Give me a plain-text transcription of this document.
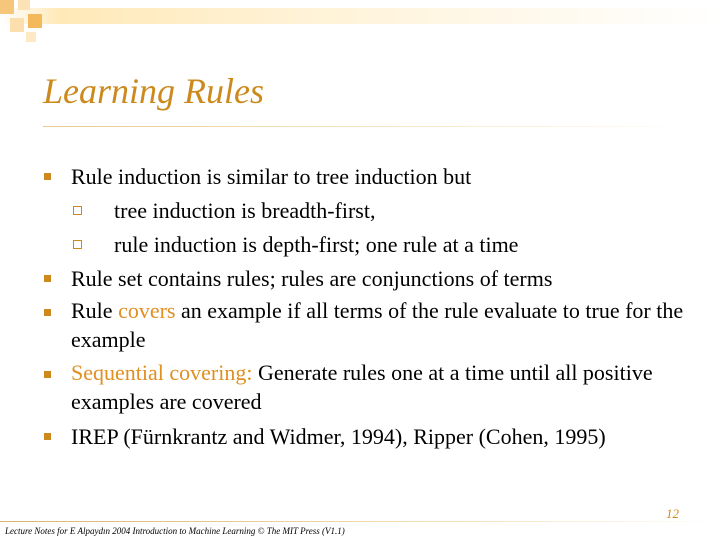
Learning Rules
Rule induction is similar to tree induction but
tree induction is breadth-first,
rule induction is depth-first; one rule at a time
Rule set contains rules; rules are conjunctions of terms
Rule covers an example if all terms of the rule evaluate to true for the example
Sequential covering: Generate rules one at a time until all positive examples are covered
IREP (Fürnkrantz and Widmer, 1994), Ripper (Cohen, 1995)
12
Lecture Notes for E Alpaydın 2004 Introduction to Machine Learning © The MIT Press (V1.1)
